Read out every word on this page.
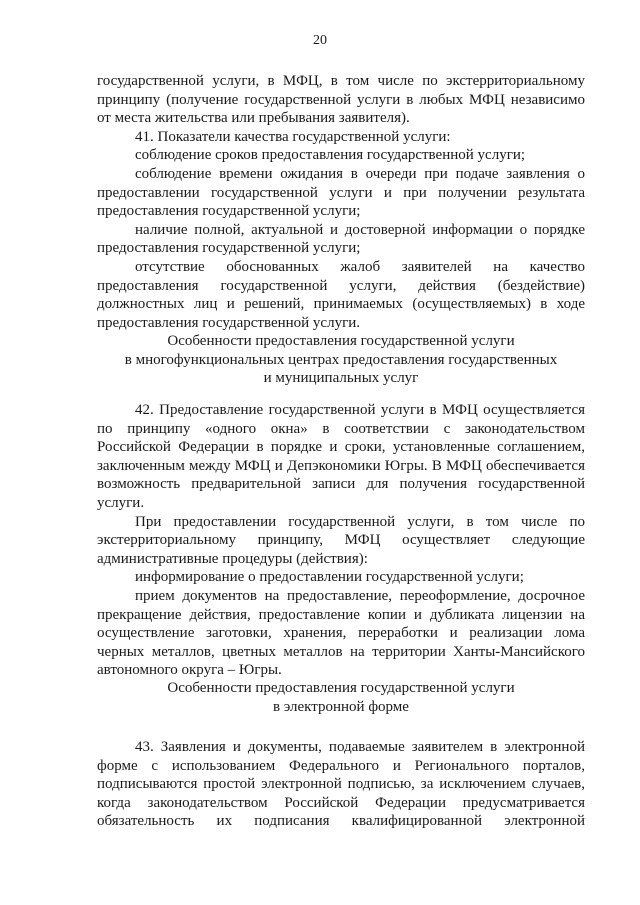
20

государственной услуги, в МФЦ, в том числе по экстерриториальному принципу (получение государственной услуги в любых МФЦ независимо от места жительства или пребывания заявителя).

41. Показатели качества государственной услуги:

соблюдение сроков предоставления государственной услуги;

соблюдение времени ожидания в очереди при подаче заявления о предоставлении государственной услуги и при получении результата предоставления государственной услуги;

наличие полной, актуальной и достоверной информации о порядке предоставления государственной услуги;

отсутствие обоснованных жалоб заявителей на качество предоставления государственной услуги, действия (бездействие) должностных лиц и решений, принимаемых (осуществляемых) в ходе предоставления государственной услуги.

Особенности предоставления государственной услуги

в многофункциональных центрах предоставления государственных

и муниципальных услуг

42. Предоставление государственной услуги в МФЦ осуществляется по принципу «одного окна» в соответствии с законодательством Российской Федерации в порядке и сроки, установленные соглашением, заключенным между МФЦ и Депэкономики Югры. В МФЦ обеспечивается возможность предварительной записи для получения государственной услуги.

При предоставлении государственной услуги, в том числе по экстерриториальному принципу, МФЦ осуществляет следующие административные процедуры (действия):

информирование о предоставлении государственной услуги;

прием документов на предоставление, переоформление, досрочное прекращение действия, предоставление копии и дубликата лицензии на осуществление заготовки, хранения, переработки и реализации лома черных металлов, цветных металлов на территории Ханты-Мансийского автономного округа – Югры.

Особенности предоставления государственной услуги

в электронной форме

43. Заявления и документы, подаваемые заявителем в электронной форме с использованием Федерального и Регионального порталов, подписываются простой электронной подписью, за исключением случаев, когда законодательством Российской Федерации предусматривается обязательность их подписания квалифицированной электронной
